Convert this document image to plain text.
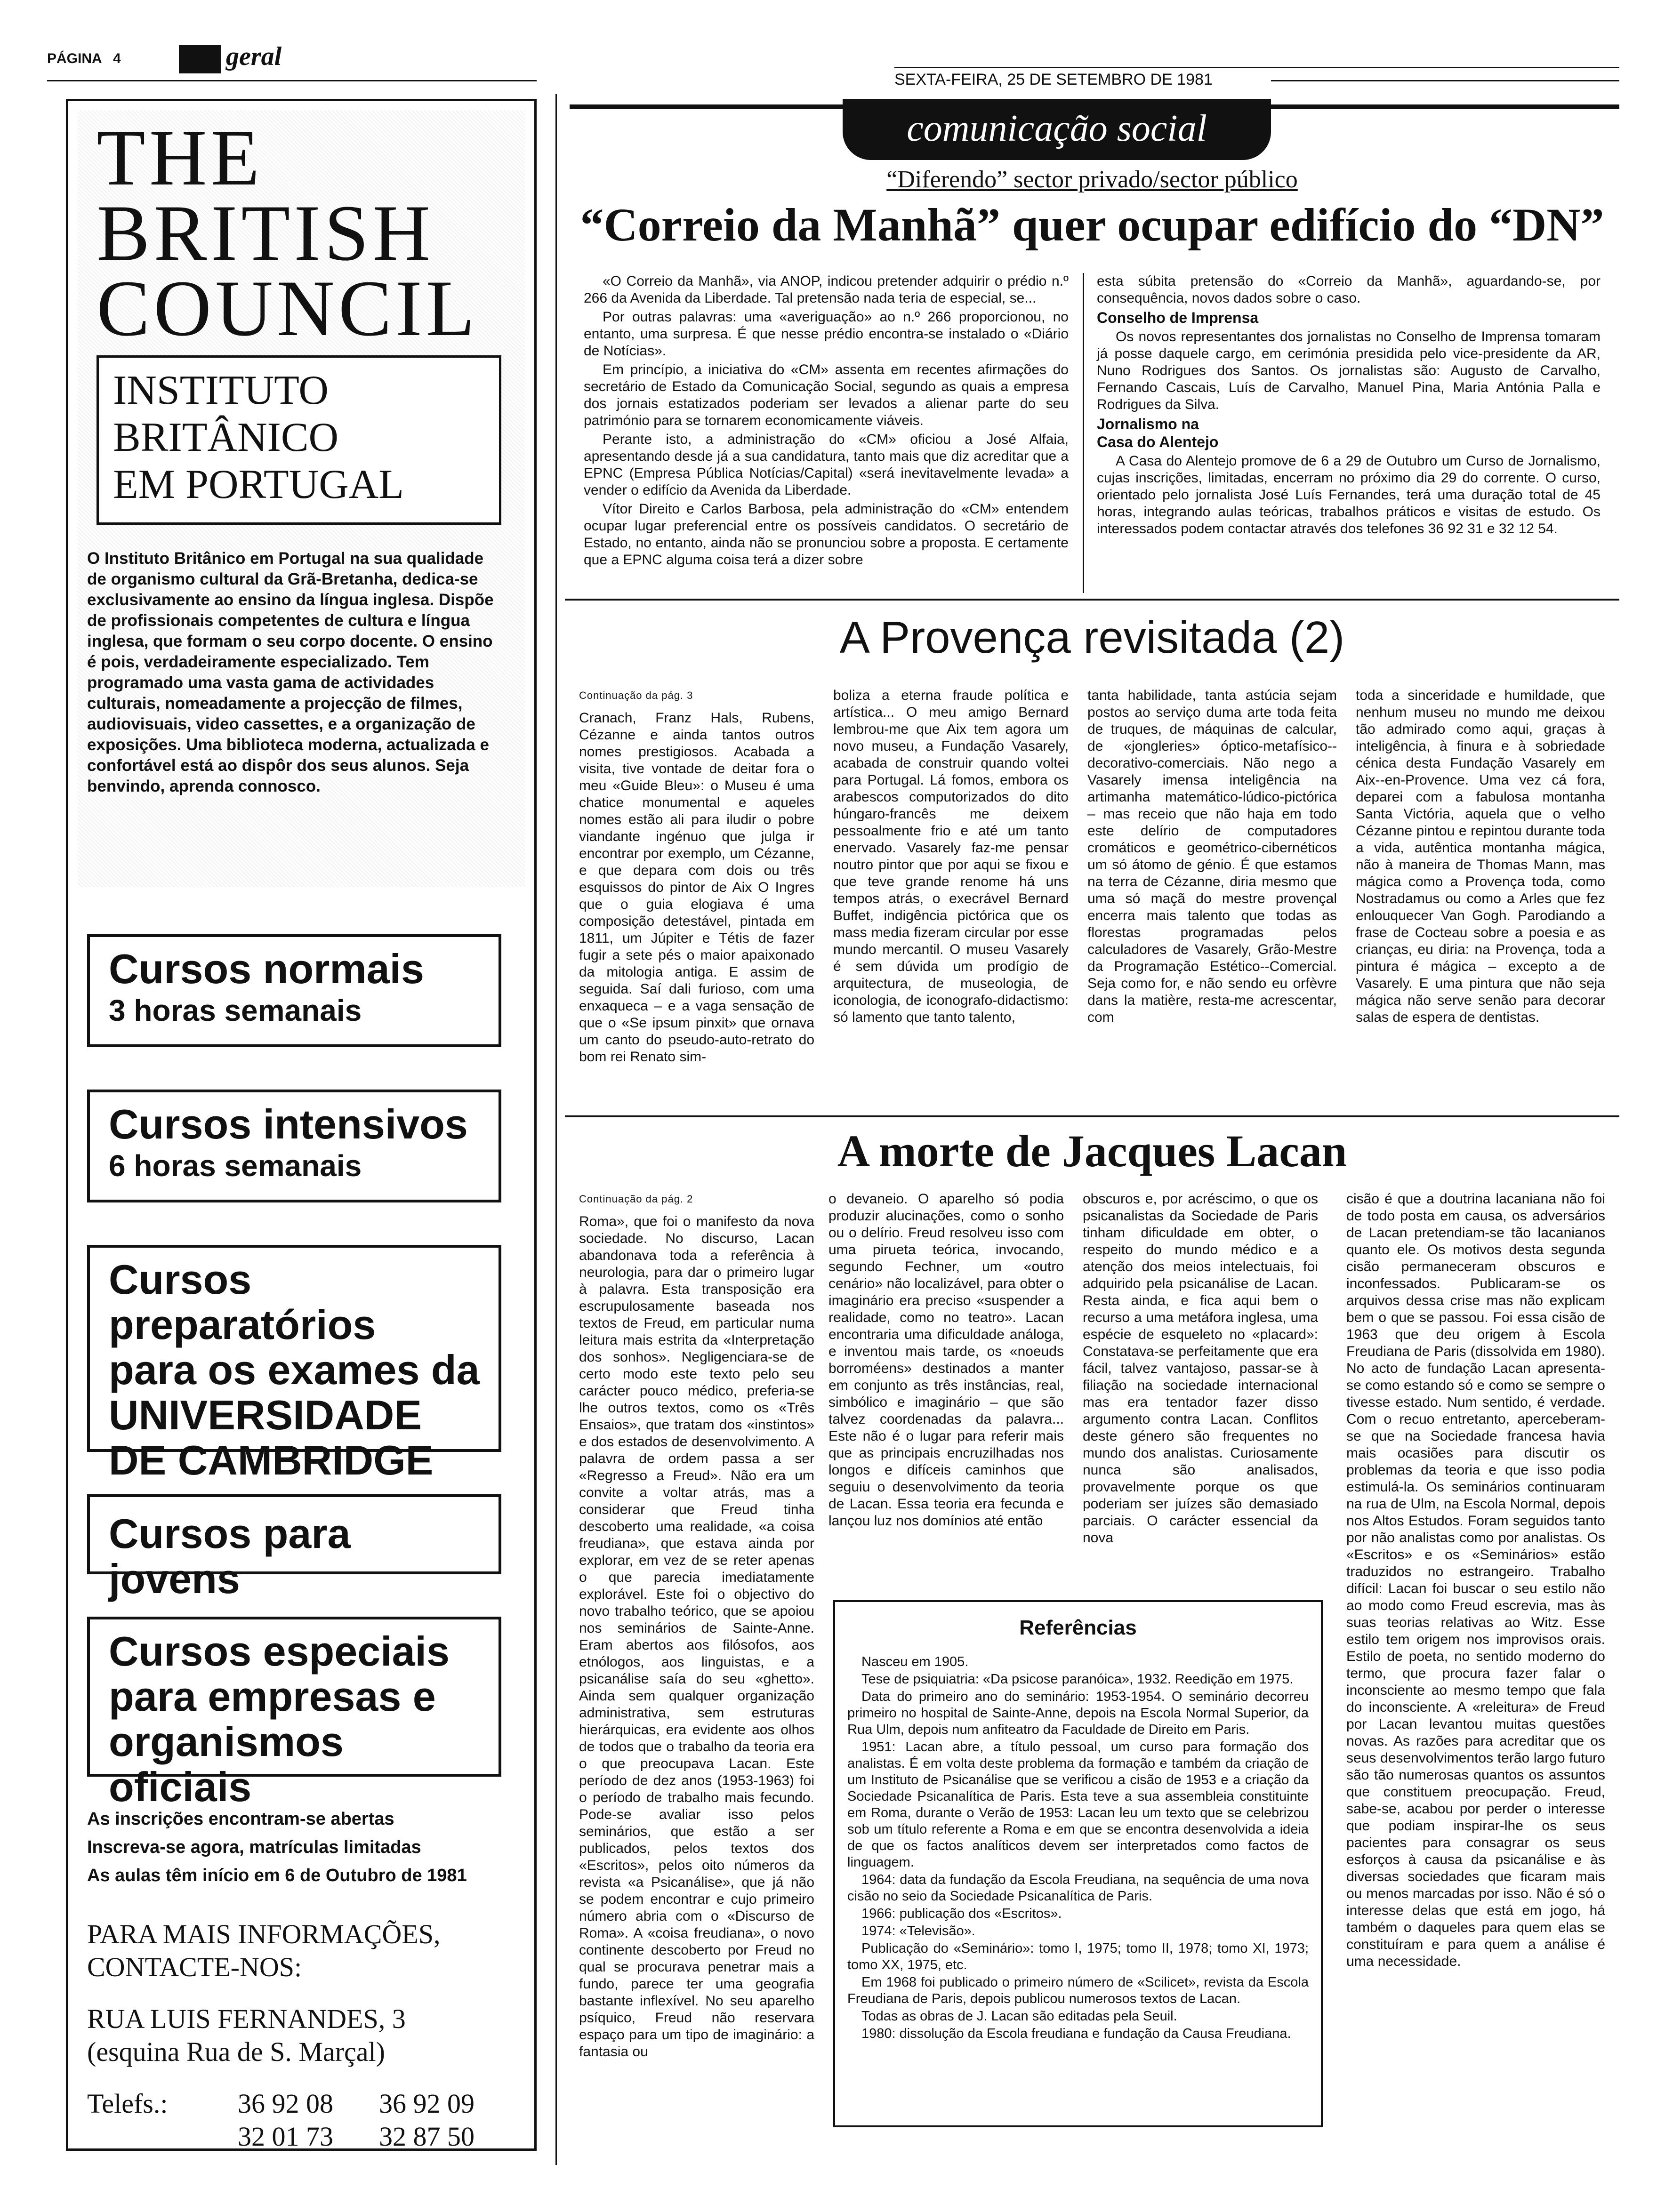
PÁGINA 4	geral
SEXTA-FEIRA, 25 DE SETEMBRO DE 1981
comunicação social
THE
BRITISH
COUNCIL
INSTITUTO
BRITÂNICO
EM PORTUGAL
O Instituto Britânico em Portugal na sua qualidade de organismo cultural da Grã-Bretanha, dedica-se exclusivamente ao ensino da língua inglesa. Dispõe de profissionais competentes de cultura e língua inglesa, que formam o seu corpo docente. O ensino é pois, verdadeiramente especializado. Tem programado uma vasta gama de actividades culturais, nomeadamente a projecção de filmes, audiovisuais, video cassettes, e a organização de exposições. Uma biblioteca moderna, actualizada e confortável está ao dispôr dos seus alunos. Seja benvindo, aprenda connosco.
Cursos normais
3 horas semanais
Cursos intensivos
6 horas semanais
Cursos preparatórios
para os exames da
UNIVERSIDADE
DE CAMBRIDGE
Cursos para jovens
Cursos especiais
para empresas e
organismos oficiais
As inscrições encontram-se abertas
Inscreva-se agora, matrículas limitadas
As aulas têm início em 6 de Outubro de 1981
PARA MAIS INFORMAÇÕES,
CONTACTE-NOS:
RUA LUIS FERNANDES, 3
(esquina Rua de S. Marçal)
Telefs.:	36 92 08 36 92 09
32 01 73 32 87 50
“Diferendo” sector privado/sector público
“Correio da Manhã” quer ocupar edifício do “DN”

«O Correio da Manhã», via ANOP, indicou pretender adquirir o prédio n.º 266 da Avenida da Liberdade. Tal pretensão nada teria de especial, se...

Por outras palavras: uma «averiguação» ao n.º 266 proporcionou, no entanto, uma surpresa. É que nesse prédio encontra-se instalado o «Diário de Notícias».

Em princípio, a iniciativa do «CM» assenta em recentes afirmações do secretário de Estado da Comunicação Social, segundo as quais a empresa dos jornais estatizados poderiam ser levados a alienar parte do seu património para se tornarem economicamente viáveis.

Perante isto, a administração do «CM» oficiou a José Alfaia, apresentando desde já a sua candidatura, tanto mais que diz acreditar que a EPNC (Empresa Pública Notícias/Capital) «será inevitavelmente levada» a vender o edifício da Avenida da Liberdade.

Vítor Direito e Carlos Barbosa, pela administração do «CM» entendem ocupar lugar preferencial entre os possíveis candidatos. O secretário de Estado, no entanto, ainda não se pronunciou sobre a proposta. E certamente que a EPNC alguma coisa terá a dizer sobre

esta súbita pretensão do «Correio da Manhã», aguardando-se, por consequência, novos dados sobre o caso.

Conselho de Imprensa

Os novos representantes dos jornalistas no Conselho de Imprensa tomaram já posse daquele cargo, em cerimónia presidida pelo vice-presidente da AR, Nuno Rodrigues dos Santos. Os jornalistas são: Augusto de Carvalho, Fernando Cascais, Luís de Carvalho, Manuel Pina, Maria Antónia Palla e Rodrigues da Silva.

Jornalismo na

Casa do Alentejo

A Casa do Alentejo promove de 6 a 29 de Outubro um Curso de Jornalismo, cujas inscrições, limitadas, encerram no próximo dia 29 do corrente. O curso, orientado pelo jornalista José Luís Fernandes, terá uma duração total de 45 horas, integrando aulas teóricas, trabalhos práticos e visitas de estudo. Os interessados podem contactar através dos telefones 36 92 31 e 32 12 54.

A Provença revisitada (2)

Continuação da pág. 3

Cranach, Franz Hals, Rubens, Cézanne e ainda tantos outros nomes prestigiosos. Acabada a visita, tive vontade de deitar fora o meu «Guide Bleu»: o Museu é uma chatice monumental e aqueles nomes estão ali para iludir o pobre viandante ingénuo que julga ir encontrar por exemplo, um Cézanne, e que depara com dois ou três esquissos do pintor de Aix O Ingres que o guia elogiava é uma composição detestável, pintada em 1811, um Júpiter e Tétis de fazer fugir a sete pés o maior apaixonado da mitologia antiga. E assim de seguida. Saí dali furioso, com uma enxaqueca – e a vaga sensação de que o «Se ipsum pinxit» que ornava um canto do pseudo-auto-retrato do bom rei Renato sim-

boliza a eterna fraude política e artística... O meu amigo Bernard lembrou-me que Aix tem agora um novo museu, a Fundação Vasarely, acabada de construir quando voltei para Portugal. Lá fomos, embora os arabescos computorizados do dito húngaro-francês me deixem pessoalmente frio e até um tanto enervado. Vasarely faz-me pensar noutro pintor que por aqui se fixou e que teve grande renome há uns tempos atrás, o execrável Bernard Buffet, indigência pictórica que os mass media fizeram circular por esse mundo mercantil. O museu Vasarely é sem dúvida um prodígio de arquitectura, de museologia, de iconologia, de iconografo-didactismo: só lamento que tanto talento,

tanta habilidade, tanta astúcia sejam postos ao serviço duma arte toda feita de truques, de máquinas de calcular, de «jongleries» óptico-metafísico--decorativo-comerciais. Não nego a Vasarely imensa inteligência na artimanha matemático-lúdico-pictórica – mas receio que não haja em todo este delírio de computadores cromáticos e geométrico-cibernéticos um só átomo de génio. É que estamos na terra de Cézanne, diria mesmo que uma só maçã do mestre provençal encerra mais talento que todas as florestas programadas pelos calculadores de Vasarely, Grão-Mestre da Programação Estético--Comercial. Seja como for, e não sendo eu orfèvre dans la matière, resta-me acrescentar, com

toda a sinceridade e humildade, que nenhum museu no mundo me deixou tão admirado como aqui, graças à inteligência, à finura e à sobriedade cénica desta Fundação Vasarely em Aix--en-Provence. Uma vez cá fora, deparei com a fabulosa montanha Santa Victória, aquela que o velho Cézanne pintou e repintou durante toda a vida, autêntica montanha mágica, não à maneira de Thomas Mann, mas mágica como a Provença toda, como Nostradamus ou como a Arles que fez enlouquecer Van Gogh. Parodiando a frase de Cocteau sobre a poesia e as crianças, eu diria: na Provença, toda a pintura é mágica – excepto a de Vasarely. E uma pintura que não seja mágica não serve senão para decorar salas de espera de dentistas.

A morte de Jacques Lacan

Continuação da pág. 2

Roma», que foi o manifesto da nova sociedade. No discurso, Lacan abandonava toda a referência à neurologia, para dar o primeiro lugar à palavra. Esta transposição era escrupulosamente baseada nos textos de Freud, em particular numa leitura mais estrita da «Interpretação dos sonhos». Negligenciara-se de certo modo este texto pelo seu carácter pouco médico, preferia-se lhe outros textos, como os «Três Ensaios», que tratam dos «instintos» e dos estados de desenvolvimento. A palavra de ordem passa a ser «Regresso a Freud». Não era um convite a voltar atrás, mas a considerar que Freud tinha descoberto uma realidade, «a coisa freudiana», que estava ainda por explorar, em vez de se reter apenas o que parecia imediatamente explorável. Este foi o objectivo do novo trabalho teórico, que se apoiou nos seminários de Sainte-Anne. Eram abertos aos filósofos, aos etnólogos, aos linguistas, e a psicanálise saía do seu «ghetto». Ainda sem qualquer organização administrativa, sem estruturas hierárquicas, era evidente aos olhos de todos que o trabalho da teoria era o que preocupava Lacan. Este período de dez anos (1953-1963) foi o período de trabalho mais fecundo. Pode-se avaliar isso pelos seminários, que estão a ser publicados, pelos textos dos «Escritos», pelos oito números da revista «a Psicanálise», que já não se podem encontrar e cujo primeiro número abria com o «Discurso de Roma». A «coisa freudiana», o novo continente descoberto por Freud no qual se procurava penetrar mais a fundo, parece ter uma geografia bastante inflexível. No seu aparelho psíquico, Freud não reservara espaço para um tipo de imaginário: a fantasia ou

o devaneio. O aparelho só podia produzir alucinações, como o sonho ou o delírio. Freud resolveu isso com uma pirueta teórica, invocando, segundo Fechner, um «outro cenário» não localizável, para obter o imaginário era preciso «suspender a realidade, como no teatro». Lacan encontraria uma dificuldade análoga, e inventou mais tarde, os «noeuds borroméens» destinados a manter em conjunto as três instâncias, real, simbólico e imaginário – que são talvez coordenadas da palavra... Este não é o lugar para referir mais que as principais encruzilhadas nos longos e difíceis caminhos que seguiu o desenvolvimento da teoria de Lacan. Essa teoria era fecunda e lançou luz nos domínios até então

obscuros e, por acréscimo, o que os psicanalistas da Sociedade de Paris tinham dificuldade em obter, o respeito do mundo médico e a atenção dos meios intelectuais, foi adquirido pela psicanálise de Lacan. Resta ainda, e fica aqui bem o recurso a uma metáfora inglesa, uma espécie de esqueleto no «placard»: Constatava-se perfeitamente que era fácil, talvez vantajoso, passar-se à filiação na sociedade internacional mas era tentador fazer disso argumento contra Lacan. Conflitos deste género são frequentes no mundo dos analistas. Curiosamente nunca são analisados, provavelmente porque os que poderiam ser juízes são demasiado parciais. O carácter essencial da nova

cisão é que a doutrina lacaniana não foi de todo posta em causa, os adversários de Lacan pretendiam-se tão lacanianos quanto ele. Os motivos desta segunda cisão permaneceram obscuros e inconfessados. Publicaram-se os arquivos dessa crise mas não explicam bem o que se passou. Foi essa cisão de 1963 que deu origem à Escola Freudiana de Paris (dissolvida em 1980). No acto de fundação Lacan apresenta-se como estando só e como se sempre o tivesse estado. Num sentido, é verdade. Com o recuo entretanto, aperceberam-se que na Sociedade francesa havia mais ocasiões para discutir os problemas da teoria e que isso podia estimulá-la. Os seminários continuaram na rua de Ulm, na Escola Normal, depois nos Altos Estudos. Foram seguidos tanto por não analistas como por analistas. Os «Escritos» e os «Seminários» estão traduzidos no estrangeiro. Trabalho difícil: Lacan foi buscar o seu estilo não ao modo como Freud escrevia, mas às suas teorias relativas ao Witz. Esse estilo tem origem nos improvisos orais. Estilo de poeta, no sentido moderno do termo, que procura fazer falar o inconsciente ao mesmo tempo que fala do inconsciente. A «releitura» de Freud por Lacan levantou muitas questões novas. As razões para acreditar que os seus desenvolvimentos terão largo futuro são tão numerosas quantos os assuntos que constituem preocupação. Freud, sabe-se, acabou por perder o interesse que podiam inspirar-lhe os seus pacientes para consagrar os seus esforços à causa da psicanálise e às diversas sociedades que ficaram mais ou menos marcadas por isso. Não é só o interesse delas que está em jogo, há também o daqueles para quem elas se constituíram e para quem a análise é uma necessidade.

Referências

Nasceu em 1905.

Tese de psiquiatria: «Da psicose paranóica», 1932. Reedição em 1975.

Data do primeiro ano do seminário: 1953-1954. O seminário decorreu primeiro no hospital de Sainte-Anne, depois na Escola Normal Superior, da Rua Ulm, depois num anfiteatro da Faculdade de Direito em Paris.

1951: Lacan abre, a título pessoal, um curso para formação dos analistas. É em volta deste problema da formação e também da criação de um Instituto de Psicanálise que se verificou a cisão de 1953 e a criação da Sociedade Psicanalítica de Paris. Esta teve a sua assembleia constituinte em Roma, durante o Verão de 1953: Lacan leu um texto que se celebrizou sob um título referente a Roma e em que se encontra desenvolvida a ideia de que os factos analíticos devem ser interpretados como factos de linguagem.

1964: data da fundação da Escola Freudiana, na sequência de uma nova cisão no seio da Sociedade Psicanalítica de Paris.

1966: publicação dos «Escritos».

1974: «Televisão».

Publicação do «Seminário»: tomo I, 1975; tomo II, 1978; tomo XI, 1973; tomo XX, 1975, etc.

Em 1968 foi publicado o primeiro número de «Scilicet», revista da Escola Freudiana de Paris, depois publicou numerosos textos de Lacan.

Todas as obras de J. Lacan são editadas pela Seuil.

1980: dissolução da Escola freudiana e fundação da Causa Freudiana.
